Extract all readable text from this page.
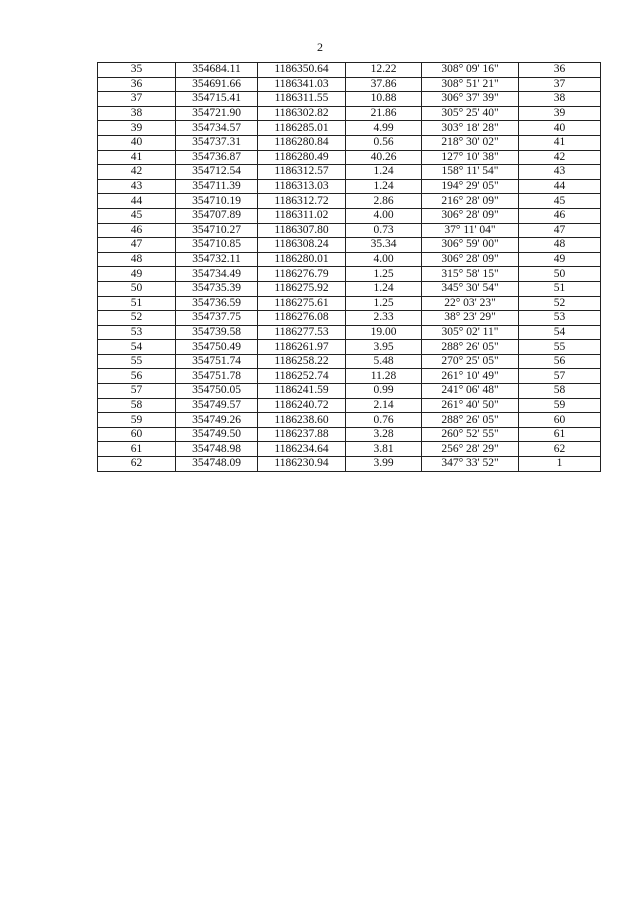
2
35	354684.11	1186350.64	12.22	308° 09' 16"	36
36	354691.66	1186341.03	37.86	308° 51' 21"	37
37	354715.41	1186311.55	10.88	306° 37' 39"	38
38	354721.90	1186302.82	21.86	305° 25' 40"	39
39	354734.57	1186285.01	4.99	303° 18' 28"	40
40	354737.31	1186280.84	0.56	218° 30' 02"	41
41	354736.87	1186280.49	40.26	127° 10' 38"	42
42	354712.54	1186312.57	1.24	158° 11' 54"	43
43	354711.39	1186313.03	1.24	194° 29' 05"	44
44	354710.19	1186312.72	2.86	216° 28' 09"	45
45	354707.89	1186311.02	4.00	306° 28' 09"	46
46	354710.27	1186307.80	0.73	37° 11' 04"	47
47	354710.85	1186308.24	35.34	306° 59' 00"	48
48	354732.11	1186280.01	4.00	306° 28' 09"	49
49	354734.49	1186276.79	1.25	315° 58' 15"	50
50	354735.39	1186275.92	1.24	345° 30' 54"	51
51	354736.59	1186275.61	1.25	22° 03' 23"	52
52	354737.75	1186276.08	2.33	38° 23' 29"	53
53	354739.58	1186277.53	19.00	305° 02' 11"	54
54	354750.49	1186261.97	3.95	288° 26' 05"	55
55	354751.74	1186258.22	5.48	270° 25' 05"	56
56	354751.78	1186252.74	11.28	261° 10' 49"	57
57	354750.05	1186241.59	0.99	241° 06' 48"	58
58	354749.57	1186240.72	2.14	261° 40' 50"	59
59	354749.26	1186238.60	0.76	288° 26' 05"	60
60	354749.50	1186237.88	3.28	260° 52' 55"	61
61	354748.98	1186234.64	3.81	256° 28' 29"	62
62	354748.09	1186230.94	3.99	347° 33' 52"	1
